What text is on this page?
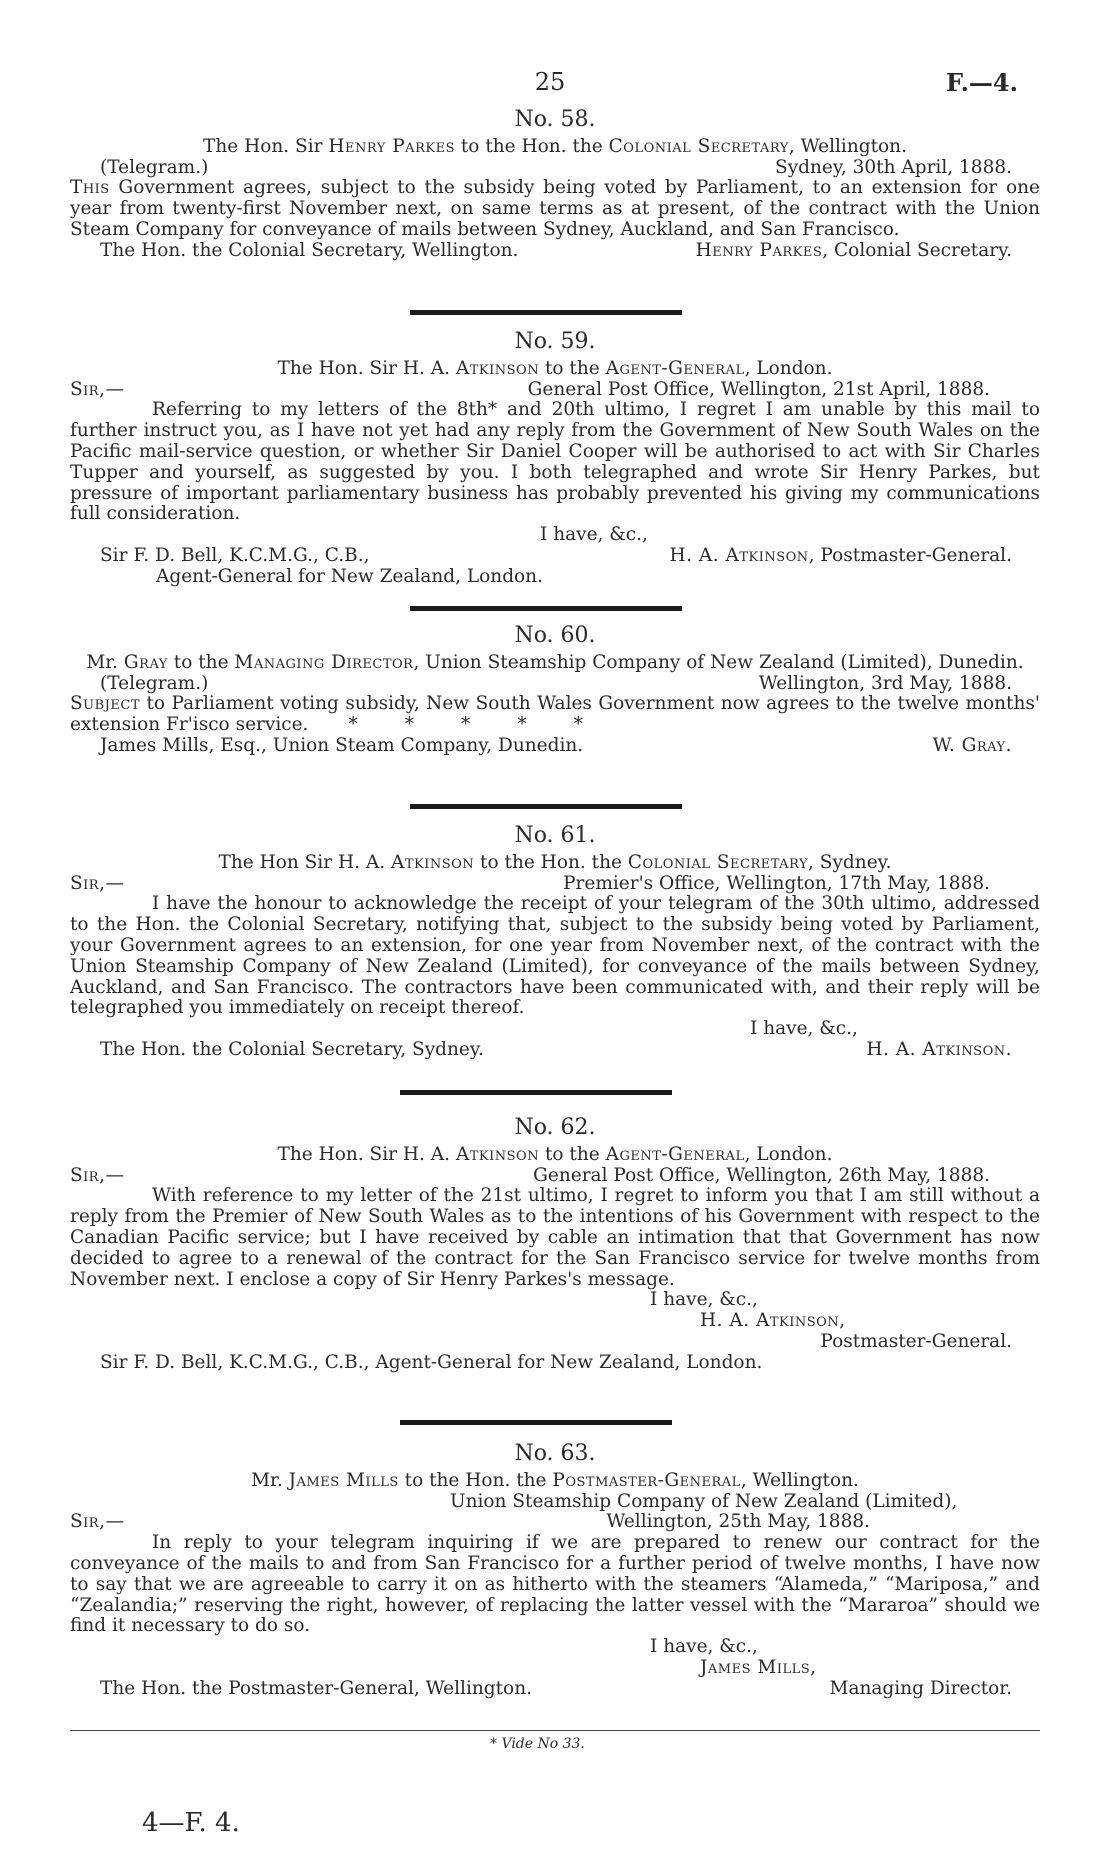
25	F.—4.
No. 58.
The Hon. Sir Henry Parkes to the Hon. the Colonial Secretary, Wellington.
(Telegram.)	Sydney, 30th April, 1888.
This Government agrees, subject to the subsidy being voted by Parliament, to an extension for one year from twenty-first November next, on same terms as at present, of the contract with the Union Steam Company for conveyance of mails between Sydney, Auckland, and San Francisco.
The Hon. the Colonial Secretary, Wellington.	Henry Parkes, Colonial Secretary.
No. 59.
The Hon. Sir H. A. Atkinson to the Agent-General, London.
Sir,—	General Post Office, Wellington, 21st April, 1888.
Referring to my letters of the 8th* and 20th ultimo, I regret I am unable by this mail to further instruct you, as I have not yet had any reply from the Government of New South Wales on the Pacific mail-service question, or whether Sir Daniel Cooper will be authorised to act with Sir Charles Tupper and yourself, as suggested by you. I both telegraphed and wrote Sir Henry Parkes, but pressure of important parliamentary business has probably prevented his giving my communications full consideration.
I have, &c.,
Sir F. D. Bell, K.C.M.G., C.B.,	H. A. Atkinson, Postmaster-General.
Agent-General for New Zealand, London.
No. 60.
Mr. Gray to the Managing Director, Union Steamship Company of New Zealand (Limited), Dunedin.
(Telegram.)	Wellington, 3rd May, 1888.
Subject to Parliament voting subsidy, New South Wales Government now agrees to the twelve months' extension Fr'isco service. *        *        *        *        *
James Mills, Esq., Union Steam Company, Dunedin.	W. Gray.
No. 61.
The Hon Sir H. A. Atkinson to the Hon. the Colonial Secretary, Sydney.
Sir,—	Premier's Office, Wellington, 17th May, 1888.
I have the honour to acknowledge the receipt of your telegram of the 30th ultimo, addressed to the Hon. the Colonial Secretary, notifying that, subject to the subsidy being voted by Parliament, your Government agrees to an extension, for one year from November next, of the contract with the Union Steamship Company of New Zealand (Limited), for conveyance of the mails between Sydney, Auckland, and San Francisco. The contractors have been communicated with, and their reply will be telegraphed you immediately on receipt thereof.
I have, &c.,
The Hon. the Colonial Secretary, Sydney.	H. A. Atkinson.
No. 62.
The Hon. Sir H. A. Atkinson to the Agent-General, London.
Sir,—	General Post Office, Wellington, 26th May, 1888.
With reference to my letter of the 21st ultimo, I regret to inform you that I am still without a reply from the Premier of New South Wales as to the intentions of his Government with respect to the Canadian Pacific service; but I have received by cable an intimation that that Government has now decided to agree to a renewal of the contract for the San Francisco service for twelve months from November next. I enclose a copy of Sir Henry Parkes's message.
I have, &c.,
H. A. Atkinson,
Postmaster-General.
Sir F. D. Bell, K.C.M.G., C.B., Agent-General for New Zealand, London.
No. 63.
Mr. James Mills to the Hon. the Postmaster-General, Wellington.
Union Steamship Company of New Zealand (Limited),
Sir,—	Wellington, 25th May, 1888.
In reply to your telegram inquiring if we are prepared to renew our contract for the conveyance of the mails to and from San Francisco for a further period of twelve months, I have now to say that we are agreeable to carry it on as hitherto with the steamers “Alameda,” “Mariposa,” and “Zealandia;” reserving the right, however, of replacing the latter vessel with the “Mararoa” should we find it necessary to do so.
I have, &c.,
James Mills,
The Hon. the Postmaster-General, Wellington.	Managing Director.
* Vide No 33.
4—F. 4.
